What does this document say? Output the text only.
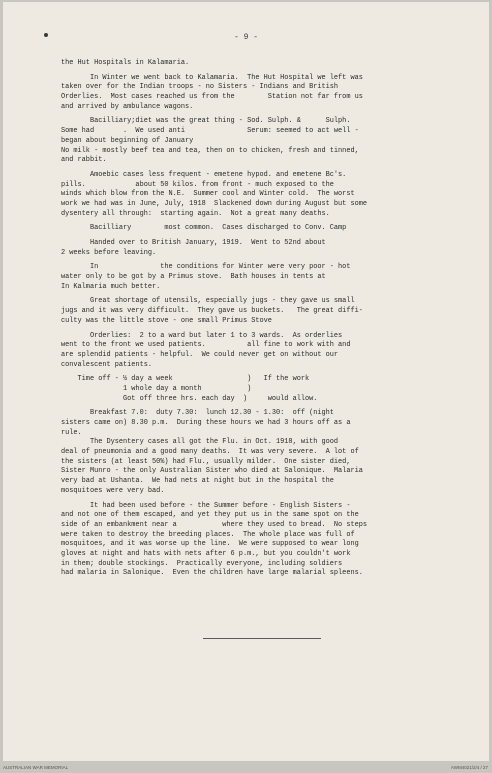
- 9 -
the Hut Hospitals in Kalamaria.
In Winter we went back to Kalamaria.  The Hut Hospital we left was
taken over for the Indian troops - no Sisters - Indians and British
Orderlies.  Most cases reached us from the        Station not far from us
and arrived by ambulance wagons.
Bacilliary;diet was the great thing - Sod. Sulph. &      Sulph.
Some had       .  We used anti               Serum: seemed to act well -
began about beginning of January
No milk - mostly beef tea and tea, then on to chicken, fresh and tinned,
and rabbit.
Amoebic cases less frequent - emetene hypod. and emetene Bc's.
pills.            about 50 kilos. from front - much exposed to the
winds which blow from the N.E.  Summer cool and Winter cold.  The worst
work we had was in June, July, 1918  Slackened down during August but some
dysentery all through:  starting again.  Not a great many deaths.
Bacilliary        most common.  Cases discharged to Conv. Camp
Handed over to British January, 1919.  Went to 52nd about
2 weeks before leaving.
In               the conditions for Winter were very poor - hot
water only to be got by a Primus stove.  Bath houses in tents at
In Kalmaria much better.
Great shortage of utensils, especially jugs - they gave us small
jugs and it was very difficult.  They gave us buckets.   The great diffi-
culty was the little stove - one small Primus Stove
Orderlies:  2 to a ward but later 1 to 3 wards.  As orderlies
went to the front we used patients.          all fine to work with and
are splendid patients - helpful.  We could never get on without our
convalescent patients.
Time off - ½ day a week                  )   If the work
1 whole day a month           )
Got off three hrs. each day  )     would allow.
Breakfast 7.0:  duty 7.30:  lunch 12.30 - 1.30:  off (night
sisters came on) 8.30 p.m.  During these hours we had 3 hours off as a
rule.
The Dysentery cases all got the Flu. in Oct. 1918, with good
deal of pneumonia and a good many deaths.  It was very severe.  A lot of
the sisters (at least 50%) had Flu., usually milder.  One sister died,
Sister Munro - the only Australian Sister who died at Salonique.  Malaria
very bad at Ushanta.  We had nets at night but in the hospital the
mosquitoes were very bad.
It had been used before - the Summer before - English Sisters -
and not one of them escaped, and yet they put us in the same spot on the
side of an embankment near a           where they used to bread.  No steps
were taken to destroy the breeding places.  The whole place was full of
mosquitoes, and it was worse up the line.  We were supposed to wear long
gloves at night and hats with nets after 6 p.m., but you couldn't work
in them; double stockings.  Practically everyone, including soldiers
had malaria in Salonique.  Even the children have large malarial spleens.
AUSTRALIAN WAR MEMORIAL	AWM4021/2/4 / 27
